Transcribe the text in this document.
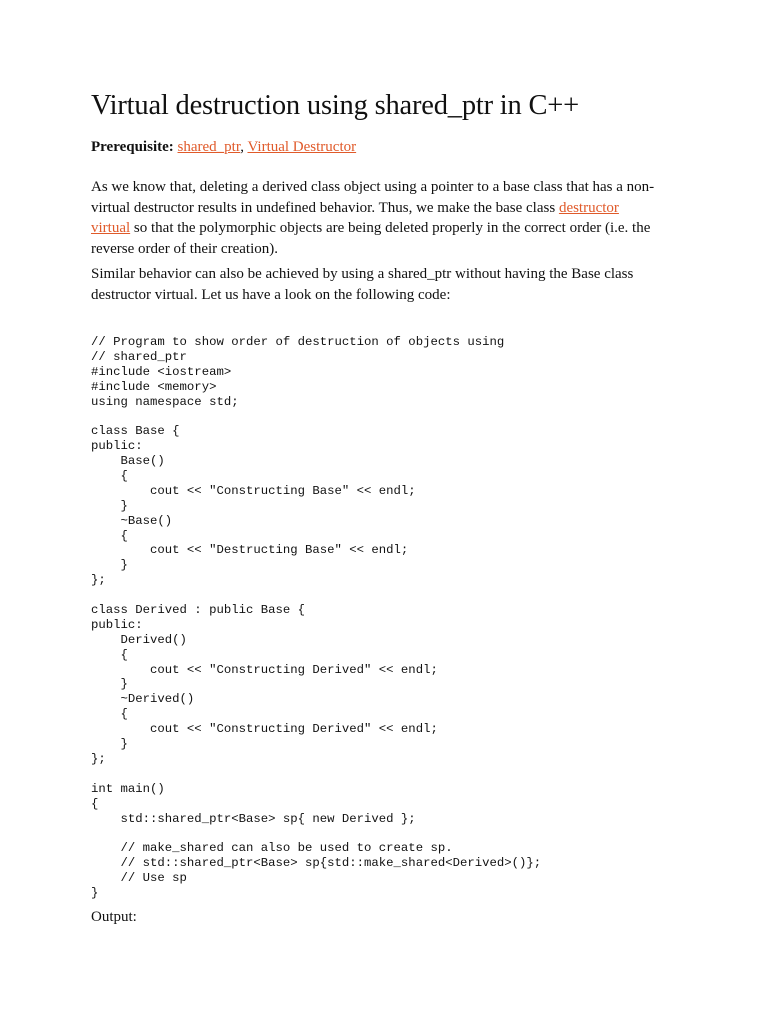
Virtual destruction using shared_ptr in C++
Prerequisite: shared_ptr, Virtual Destructor
As we know that, deleting a derived class object using a pointer to a base class that has a non-
virtual destructor results in undefined behavior. Thus, we make the base class destructor
virtual so that the polymorphic objects are being deleted properly in the correct order (i.e. the
reverse order of their creation).
Similar behavior can also be achieved by using a shared_ptr without having the Base class
destructor virtual. Let us have a look on the following code:
// Program to show order of destruction of objects using
// shared_ptr
#include <iostream>
#include <memory>
using namespace std;
class Base {
public:
Base()
{
cout << "Constructing Base" << endl;
}
~Base()
{
cout << "Destructing Base" << endl;
}
};
class Derived : public Base {
public:
Derived()
{
cout << "Constructing Derived" << endl;
}
~Derived()
{
cout << "Constructing Derived" << endl;
}
};
int main()
{
std::shared_ptr<Base> sp{ new Derived };
// make_shared can also be used to create sp.
// std::shared_ptr<Base> sp{std::make_shared<Derived>()};
// Use sp
}
Output:
